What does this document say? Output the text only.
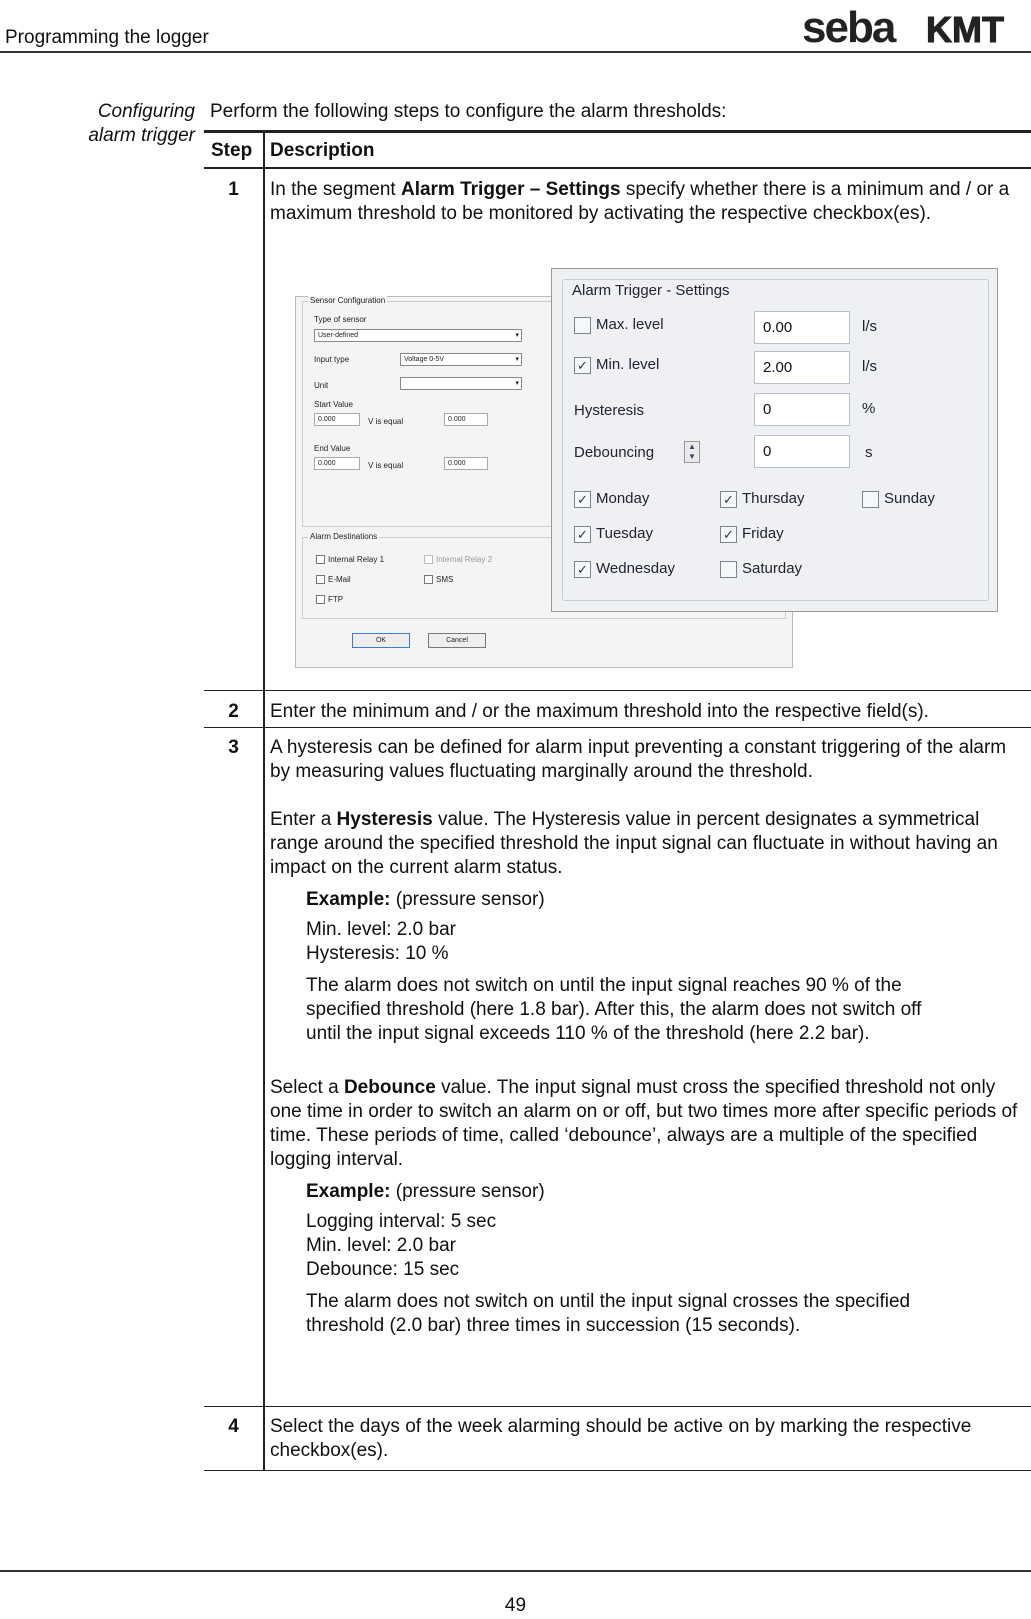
Programming the logger	seba KMT
Configuring
alarm trigger
Perform the following steps to configure the alarm thresholds:
Step Description
1	In the segment Alarm Trigger – Settings specify whether there is a minimum and / or a maximum threshold to be monitored by activating the respective checkbox(es).
Sensor Configuration
Type of sensor
User-defined ▾
Input type	Voltage 0-5V ▾
Unit
▾
Start Value
0.000	V is equal	0.000
End Value
0.000	V is equal	0.000
Alarm Destinations
Internal Relay 1	Internal Relay 2
E-Mail	SMS
FTP
OK	Cancel
Alarm Trigger - Settings
Max. level	0.00	l/s
✓ Min. level	2.00	l/s
Hysteresis	0	%
Debouncing	▲
▼	0	s
✓ Monday
✓ Tuesday
✓ Wednesday
✓ Thursday
✓ Friday
Saturday
Sunday
2	Enter the minimum and / or the maximum threshold into the respective field(s).
3	A hysteresis can be defined for alarm input preventing a constant triggering of the alarm by measuring values fluctuating marginally around the threshold.
Enter a Hysteresis value. The Hysteresis value in percent designates a symmetrical range around the specified threshold the input signal can fluctuate in without having an impact on the current alarm status.
Example: (pressure sensor)
Min. level: 2.0 bar
Hysteresis: 10 %
The alarm does not switch on until the input signal reaches 90 % of the specified threshold (here 1.8 bar). After this, the alarm does not switch off until the input signal exceeds 110 % of the threshold (here 2.2 bar).
Select a Debounce value. The input signal must cross the specified threshold not only one time in order to switch an alarm on or off, but two times more after specific periods of time. These periods of time, called ‘debounce’, always are a multiple of the specified logging interval.
Example: (pressure sensor)
Logging interval: 5 sec
Min. level: 2.0 bar
Debounce: 15 sec
The alarm does not switch on until the input signal crosses the specified threshold (2.0 bar) three times in succession (15 seconds).
4	Select the days of the week alarming should be active on by marking the respective checkbox(es).
49
